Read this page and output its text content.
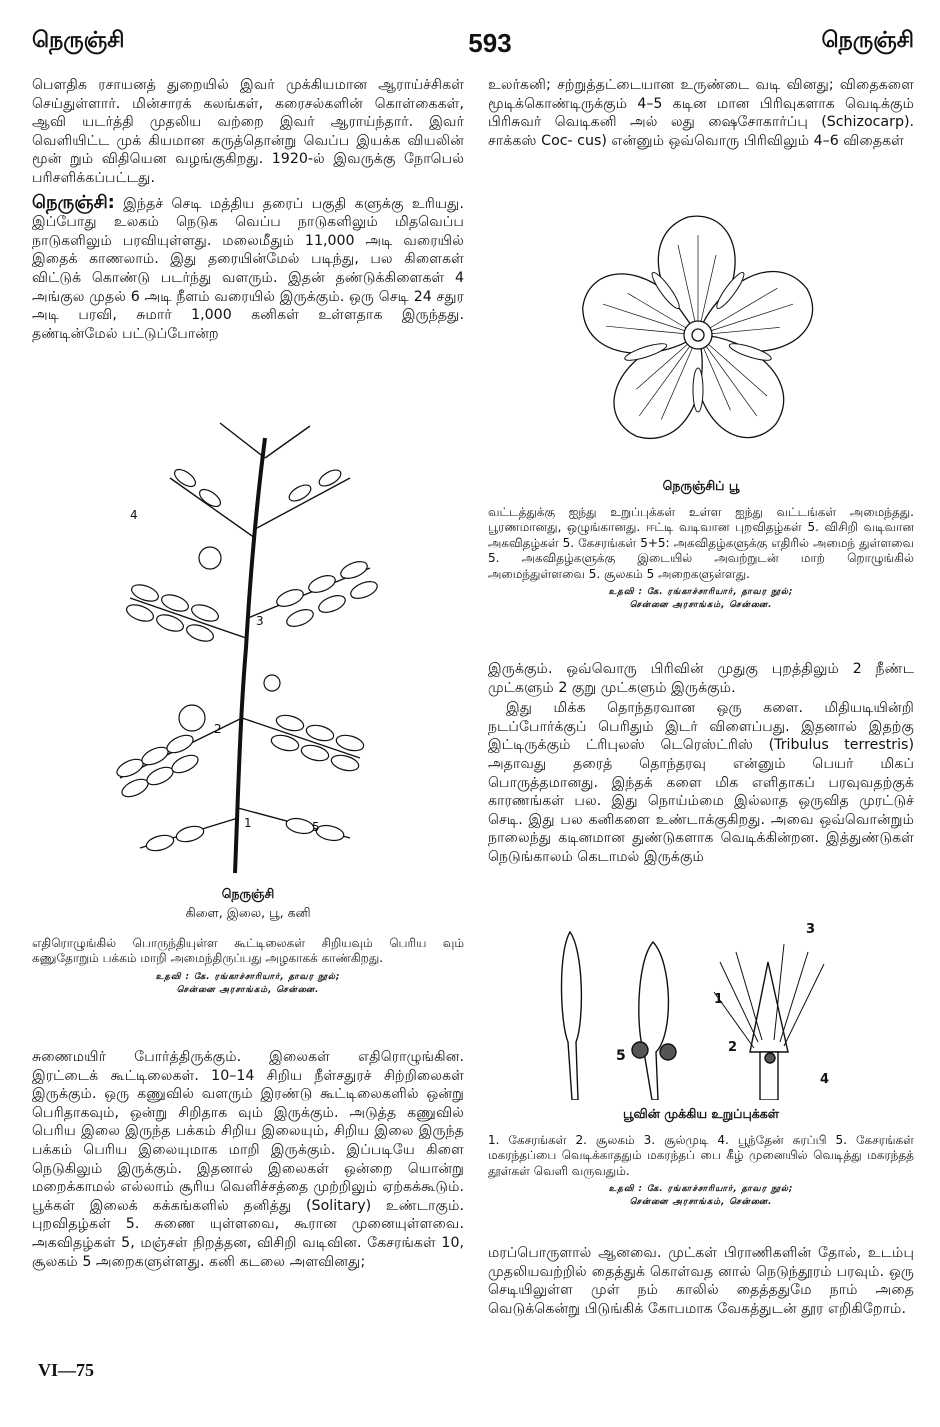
நெருஞ்சி	593	நெருஞ்சி

பௌதிக ரசாயனத் துறையில் இவர் முக்கியமான ஆராய்ச்சிகள் செய்துள்ளார். மின்சாரக் கலங்கள், கரைசல்களின் கொள்கைகள், ஆவி யடர்த்தி முதலிய வற்றை இவர் ஆராய்ந்தார். இவர் வெளியிட்ட முக் கியமான கருத்தொன்று வெப்ப இயக்க வியலின் மூன் றும் விதியென வழங்குகிறது. 1920-ல் இவருக்கு நோபெல் பரிசளிக்கப்பட்டது.

நெருஞ்சி: இந்தச் செடி மத்திய தரைப் பகுதி களுக்கு உரியது. இப்போது உலகம் நெடுக வெப்ப நாடுகளிலும் மிதவெப்ப நாடுகளிலும் பரவியுள்ளது. மலைமீதும் 11,000 அடி வரையில் இதைக் காணலாம். இது தரையின்மேல் படிந்து, பல கிளைகள் விட்டுக் கொண்டு படர்ந்து வளரும். இதன் தண்டுக்கிளைகள் 4 அங்குல முதல் 6 அடி நீளம் வரையில் இருக்கும். ஒரு செடி 24 சதுர அடி பரவி, சுமார் 1,000 கனிகள் உள்ளதாக இருந்தது. தண்டின்மேல் பட்டுப்போன்ற

4
3
2
1	5

நெருஞ்சி

கிளை, இலை, பூ, கனி

எதிரொழுங்கில் பொருந்தியுள்ள கூட்டிலைகள் சிறியவும் பெரிய வும் கணுதோறும் பக்கம் மாறி அமைந்திருப்பது அழகாகக் காண்கிறது.

உதவி : கே. ரங்காச்சாரியார், தாவர நூல்;
சென்னை அரசாங்கம், சென்னை.

சுணைமயிர் போர்த்திருக்கும். இலைகள் எதிரொழுங்கின. இரட்டைக் கூட்டிலைகள். 10–14 சிறிய நீள்சதுரச் சிற்றிலைகள் இருக்கும். ஒரு கணுவில் வளரும் இரண்டு கூட்டிலைகளில் ஒன்று பெரிதாகவும், ஒன்று சிறிதாக வும் இருக்கும். அடுத்த கணுவில் பெரிய இலை இருந்த பக்கம் சிறிய இலையும், சிறிய இலை இருந்த பக்கம் பெரிய இலையுமாக மாறி இருக்கும். இப்படியே கிளை நெடுகிலும் இருக்கும். இதனால் இலைகள் ஒன்றை யொன்று மறைக்காமல் எல்லாம் சூரிய வெளிச்சத்தை முற்றிலும் ஏற்கக்கூடும். பூக்கள் இலைக் கக்கங்களில் தனித்து (Solitary) உண்டாகும். புறவிதழ்கள் 5. சுணை யுள்ளவை, கூரான முனையுள்ளவை. அகவிதழ்கள் 5, மஞ்சள் நிறத்தன, விசிறி வடிவின. கேசரங்கள் 10, சூலகம் 5 அறைகளுள்ளது. கனி கடலை அளவினது;

உலர்கனி; சற்றுத்தட்டையான உருண்டை வடி வினது; விதைகளை மூடிக்கொண்டிருக்கும் 4–5 கடின மான பிரிவுகளாக வெடிக்கும் பிரிசுவர் வெடிகனி அல் லது ஷைசோகார்ப்பு (Schizocarp). சாக்கஸ் Coc- cus) என்னும் ஒவ்வொரு பிரிவிலும் 4–6 விதைகள்

நெருஞ்சிப் பூ

வட்டத்துக்கு ஐந்து உறுப்புக்கள் உள்ள ஐந்து வட்டங்கள் அமைந்தது. பூரணமானது, ஒழுங்கானது. ஈட்டி வடிவான புறவிதழ்கள் 5. விசிறி வடிவான அகவிதழ்கள் 5. கேசரங்கள் 5+5: அகவிதழ்களுக்கு எதிரில் அமைந் துள்ளவை 5. அகவிதழ்களுக்கு இடையில் அவற்றுடன் மாற் றொழுங்கில் அமைந்துள்ளவை 5. சூலகம் 5 அறைகளுள்ளது.

உதவி : கே. ரங்காச்சாரியார், தாவர நூல்;
சென்னை அரசாங்கம், சென்னை.

இருக்கும். ஒவ்வொரு பிரிவின் முதுகு புறத்திலும் 2 நீண்ட முட்களும் 2 குறு முட்களும் இருக்கும்.

இது மிக்க தொந்தரவான ஒரு களை. மிதியடியின்றி நடப்போர்க்குப் பெரிதும் இடர் விளைப்பது. இதனால் இதற்கு இட்டிருக்கும் ட்ரிபுலஸ் டெரெஸ்ட்ரிஸ் (Tribulus terrestris) அதாவது தரைத் தொந்தரவு என்னும் பெயர் மிகப் பொருத்தமானது. இந்தக் களை மிக எளிதாகப் பரவுவதற்குக் காரணங்கள் பல. இது நொய்ம்மை இல்லாத ஒருவித முரட்டுச் செடி. இது பல கனிகளை உண்டாக்குகிறது. அவை ஒவ்வொன்றும் நாலைந்து கடினமான துண்டுகளாக வெடிக்கின்றன. இத்துண்டுகள் நெடுங்காலம் கெடாமல் இருக்கும்

3
1
2
4
5

பூவின் முக்கிய உறுப்புக்கள்

1. கேசரங்கள் 2. சூலகம் 3. சூல்முடி 4. பூந்தேன் சுரப்பி 5. கேசரங்கள் மகரந்தப்பை வெடிக்காததும் மகரந்தப் பை கீழ் முனையில் வெடித்து மகரந்தத் தூள்கள் வெளி வருவதும்.

உதவி : கே. ரங்காச்சாரியார், தாவர நூல்;
சென்னை அரசாங்கம், சென்னை.

மரப்பொருளால் ஆனவை. முட்கள் பிராணிகளின் தோல், உடம்பு முதலியவற்றில் தைத்துக் கொள்வத னால் நெடுந்தூரம் பரவும். ஒரு செடியிலுள்ள முள் நம் காலில் தைத்ததுமே நாம் அதை வெடுக்கென்று பிடுங்கிக் கோபமாக வேகத்துடன் தூர எறிகிறோம்.

VI—75
